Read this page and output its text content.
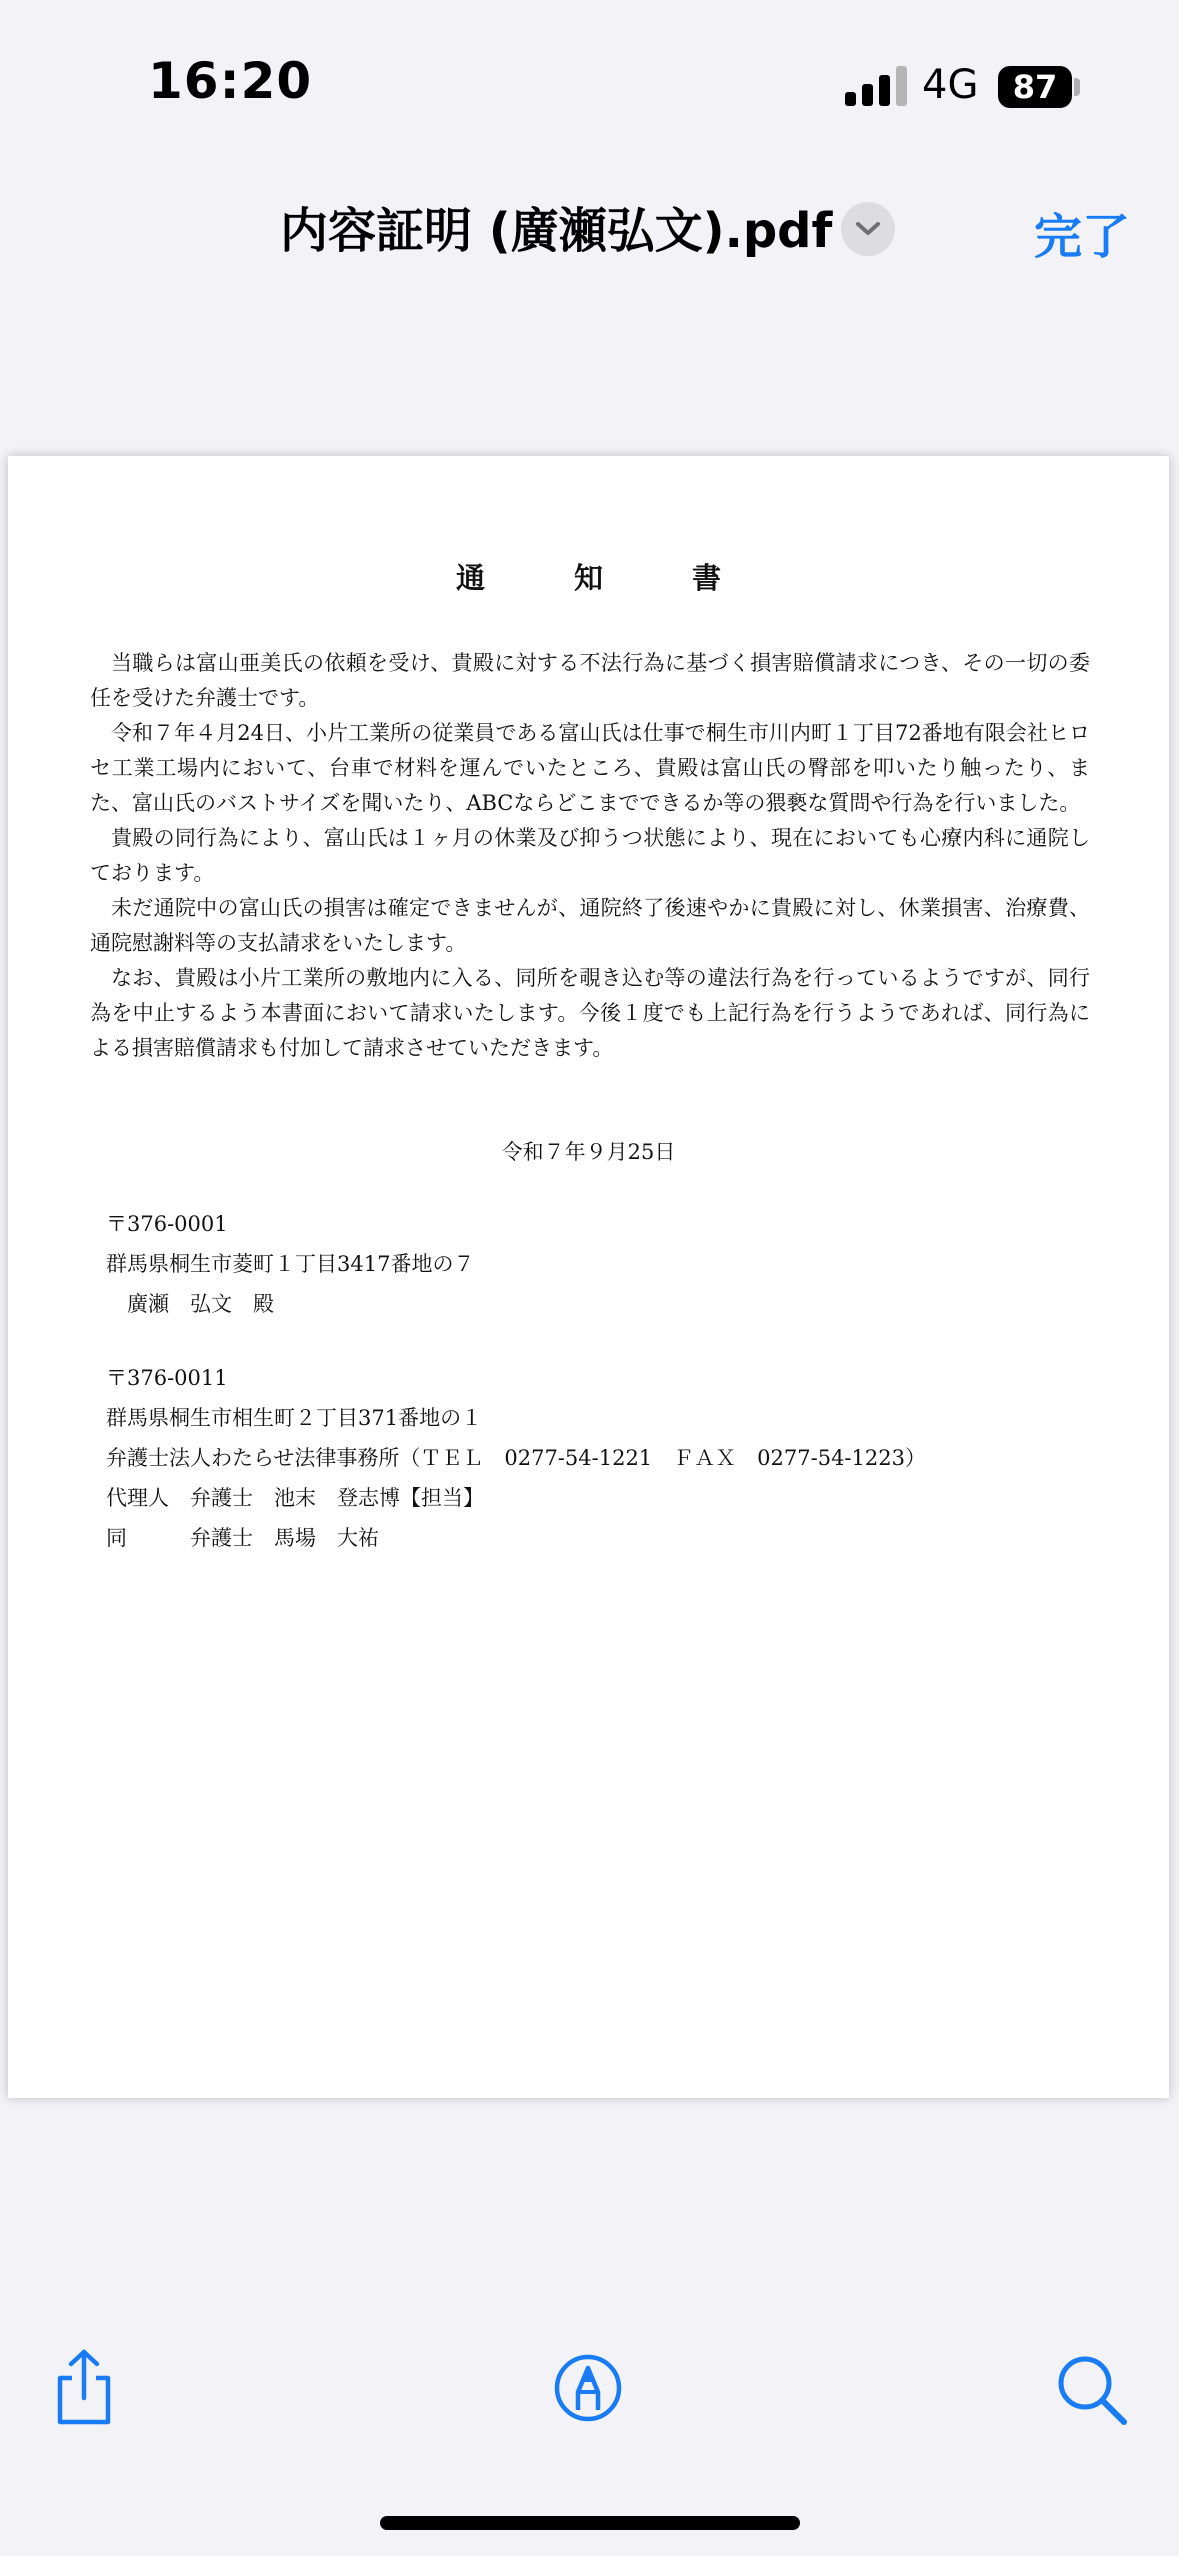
16:20	4G 87
内容証明 (廣瀬弘文).pdf	完了
通　知　書

当職らは富山亜美氏の依頼を受け、貴殿に対する不法行為に基づく損害賠償請求につき、その一切の委任を受けた弁護士です。

令和７年４月24日、小片工業所の従業員である富山氏は仕事で桐生市川内町１丁目72番地有限会社ヒロセ工業工場内において、台車で材料を運んでいたところ、貴殿は富山氏の臀部を叩いたり触ったり、また、富山氏のバストサイズを聞いたり、ABCならどこまでできるか等の猥褻な質問や行為を行いました。

貴殿の同行為により、富山氏は１ヶ月の休業及び抑うつ状態により、現在においても心療内科に通院しております。

未だ通院中の富山氏の損害は確定できませんが、通院終了後速やかに貴殿に対し、休業損害、治療費、通院慰謝料等の支払請求をいたします。

なお、貴殿は小片工業所の敷地内に入る、同所を覗き込む等の違法行為を行っているようですが、同行為を中止するよう本書面において請求いたします。今後１度でも上記行為を行うようであれば、同行為による損害賠償請求も付加して請求させていただきます。

令和７年９月25日
〒376-0001
群馬県桐生市菱町１丁目3417番地の７
　廣瀬　弘文　殿
〒376-0011
群馬県桐生市相生町２丁目371番地の１
弁護士法人わたらせ法律事務所（ＴＥＬ　0277-54-1221　ＦＡＸ　0277-54-1223）
代理人　弁護士　池末　登志博【担当】
同　　　弁護士　馬場　大祐
